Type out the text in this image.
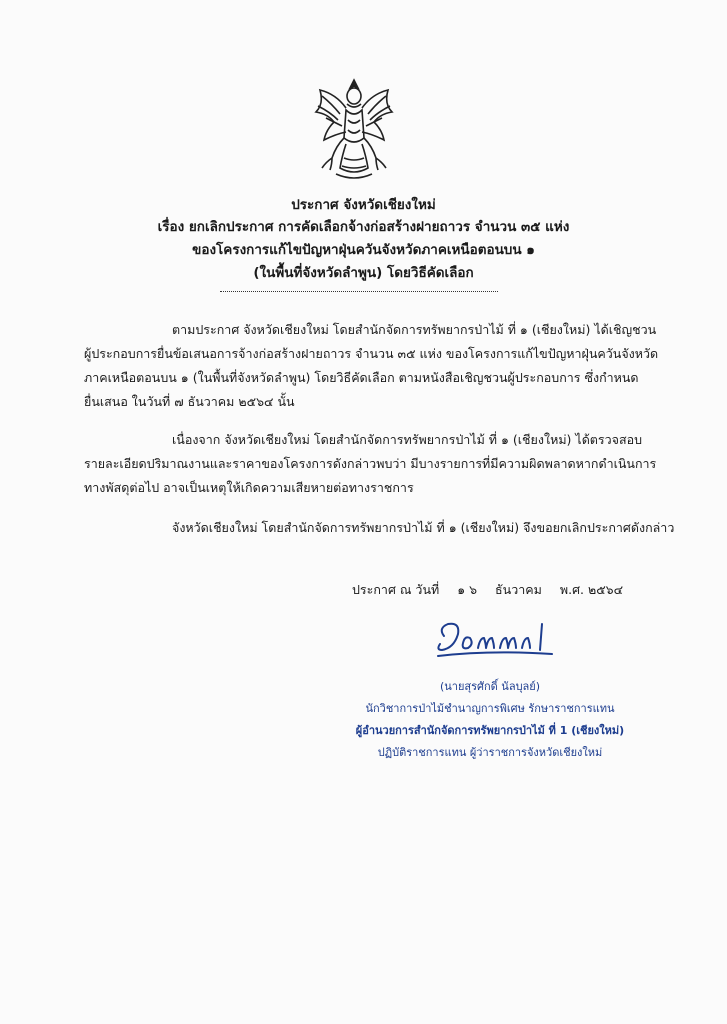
ประกาศ จังหวัดเชียงใหม่
เรื่อง ยกเลิกประกาศ การคัดเลือกจ้างก่อสร้างฝายถาวร จำนวน ๓๕ แห่ง
ของโครงการแก้ไขปัญหาฝุ่นควันจังหวัดภาคเหนือตอนบน ๑
(ในพื้นที่จังหวัดลำพูน) โดยวิธีคัดเลือก
ตามประกาศ จังหวัดเชียงใหม่ โดยสำนักจัดการทรัพยากรป่าไม้ ที่ ๑ (เชียงใหม่) ได้เชิญชวน
ผู้ประกอบการยื่นข้อเสนอการจ้างก่อสร้างฝายถาวร จำนวน ๓๕ แห่ง ของโครงการแก้ไขปัญหาฝุ่นควันจังหวัด
ภาคเหนือตอนบน ๑ (ในพื้นที่จังหวัดลำพูน) โดยวิธีคัดเลือก ตามหนังสือเชิญชวนผู้ประกอบการ ซึ่งกำหนด
ยื่นเสนอ ในวันที่ ๗ ธันวาคม ๒๕๖๔ นั้น
เนื่องจาก จังหวัดเชียงใหม่ โดยสำนักจัดการทรัพยากรป่าไม้ ที่ ๑ (เชียงใหม่) ได้ตรวจสอบ
รายละเอียดปริมาณงานและราคาของโครงการดังกล่าวพบว่า มีบางรายการที่มีความผิดพลาดหากดำเนินการ
ทางพัสดุต่อไป อาจเป็นเหตุให้เกิดความเสียหายต่อทางราชการ
จังหวัดเชียงใหม่ โดยสำนักจัดการทรัพยากรป่าไม้ ที่ ๑ (เชียงใหม่) จึงขอยกเลิกประกาศดังกล่าว
ประกาศ ณ วันที่ ๑ ๖ ธันวาคม พ.ศ. ๒๕๖๔
(นายสุรศักดิ์ นัลบุลย์)
นักวิชาการป่าไม้ชำนาญการพิเศษ รักษาราชการแทน
ผู้อำนวยการสำนักจัดการทรัพยากรป่าไม้ ที่ 1 (เชียงใหม่)
ปฏิบัติราชการแทน ผู้ว่าราชการจังหวัดเชียงใหม่
